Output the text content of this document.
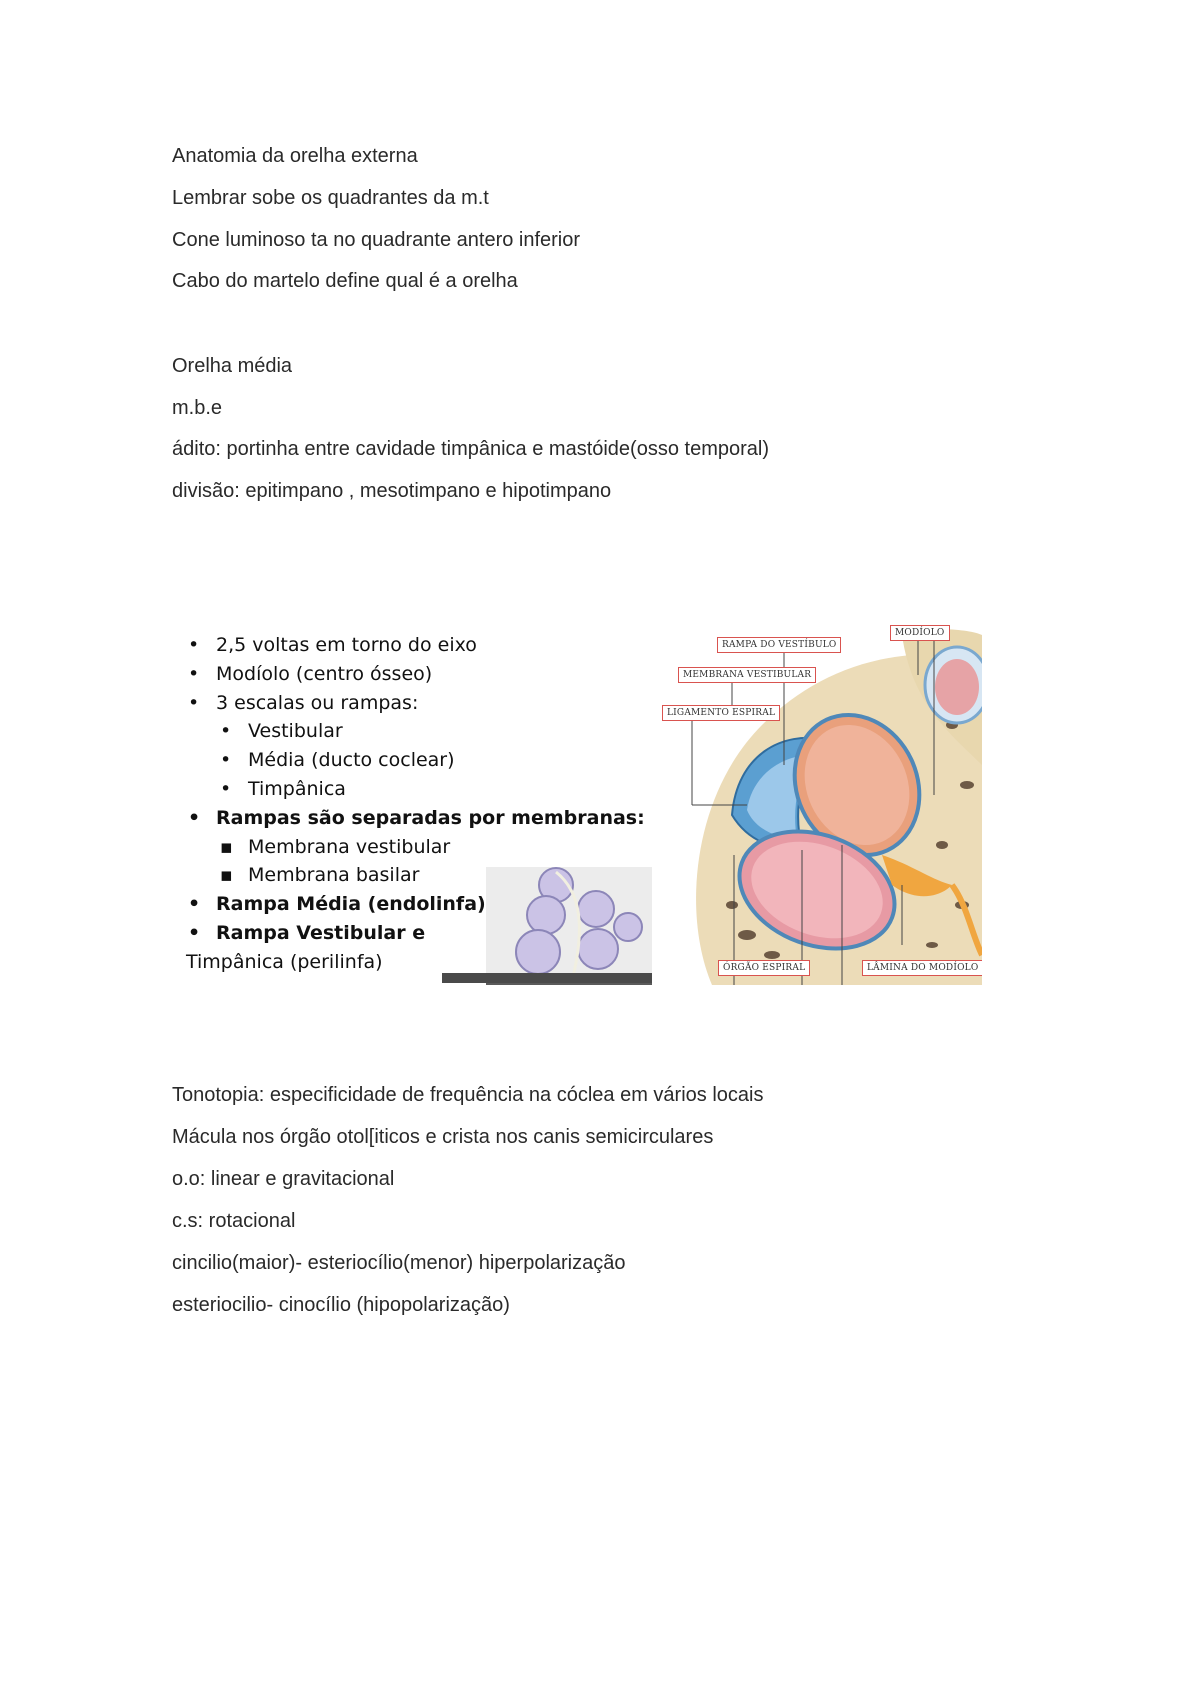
Anatomia da orelha externa
Lembrar sobe os quadrantes da m.t
Cone luminoso ta no quadrante antero inferior
Cabo do martelo define qual é a orelha
Orelha média
m.b.e
ádito: portinha entre cavidade timpânica e mastóide(osso temporal)
divisão: epitimpano , mesotimpano e hipotimpano
• 2,5 voltas em torno do eixo
• Modíolo (centro ósseo)
• 3 escalas ou rampas:
• Vestibular
• Média (ducto coclear)
• Timpânica
• Rampas são separadas por membranas:
▪ Membrana vestibular
▪ Membrana basilar
• Rampa Média (endolinfa)
• Rampa Vestibular e
Timpânica (perilinfa)
RAMPA DO VESTÍBULO
MODÍOLO
MEMBRANA VESTIBULAR
LIGAMENTO ESPIRAL
ÓRGÃO ESPIRAL	LÂMINA DO MODÍOLO
Tonotopia: especificidade de frequência na cóclea em vários locais
Mácula nos órgão otol[iticos e crista nos canis semicirculares
o.o: linear e gravitacional
c.s: rotacional
cincilio(maior)- esteriocílio(menor) hiperpolarização
esteriocilio- cinocílio (hipopolarização)
